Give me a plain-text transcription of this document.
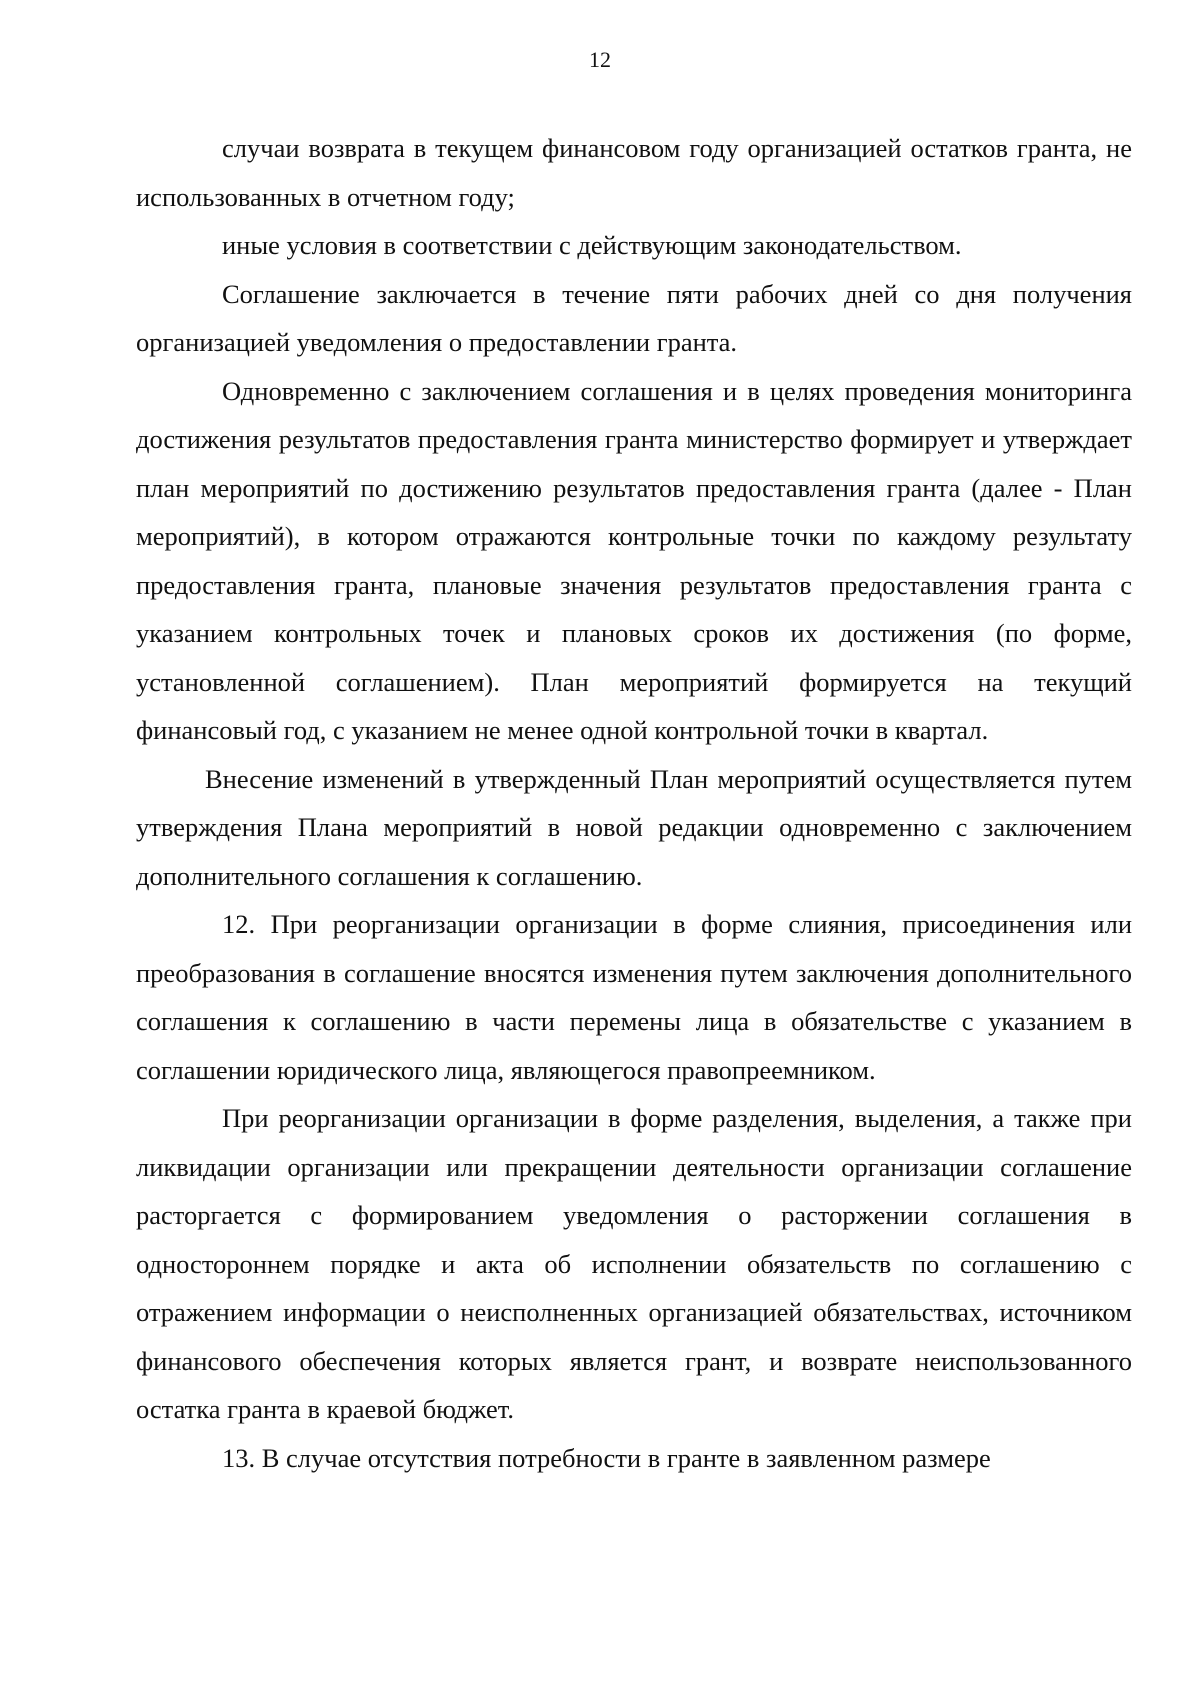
12

случаи возврата в текущем финансовом году организацией остатков гранта, не использованных в отчетном году;

иные условия в соответствии с действующим законодательством.

Соглашение заключается в течение пяти рабочих дней со дня получения организацией уведомления о предоставлении гранта.

Одновременно с заключением соглашения и в целях проведения мониторинга достижения результатов предоставления гранта министерство формирует и утверждает план мероприятий по достижению результатов предоставления гранта (далее - План мероприятий), в котором отражаются контрольные точки по каждому результату предоставления гранта, плановые значения результатов предоставления гранта с указанием контрольных точек и плановых сроков их достижения (по форме, установленной соглашением). План мероприятий формируется на текущий финансовый год, с указанием не менее одной контрольной точки в квартал.

Внесение изменений в утвержденный План мероприятий осуществляется путем утверждения Плана мероприятий в новой редакции одновременно с заключением дополнительного соглашения к соглашению.

12. При реорганизации организации в форме слияния, присоединения или преобразования в соглашение вносятся изменения путем заключения дополнительного соглашения к соглашению в части перемены лица в обязательстве с указанием в соглашении юридического лица, являющегося правопреемником.

При реорганизации организации в форме разделения, выделения, а также при ликвидации организации или прекращении деятельности организации соглашение расторгается с формированием уведомления о расторжении соглашения в одностороннем порядке и акта об исполнении обязательств по соглашению с отражением информации о неисполненных организацией обязательствах, источником финансового обеспечения которых является грант, и возврате неиспользованного остатка гранта в краевой бюджет.

13. В случае отсутствия потребности в гранте в заявленном размере
